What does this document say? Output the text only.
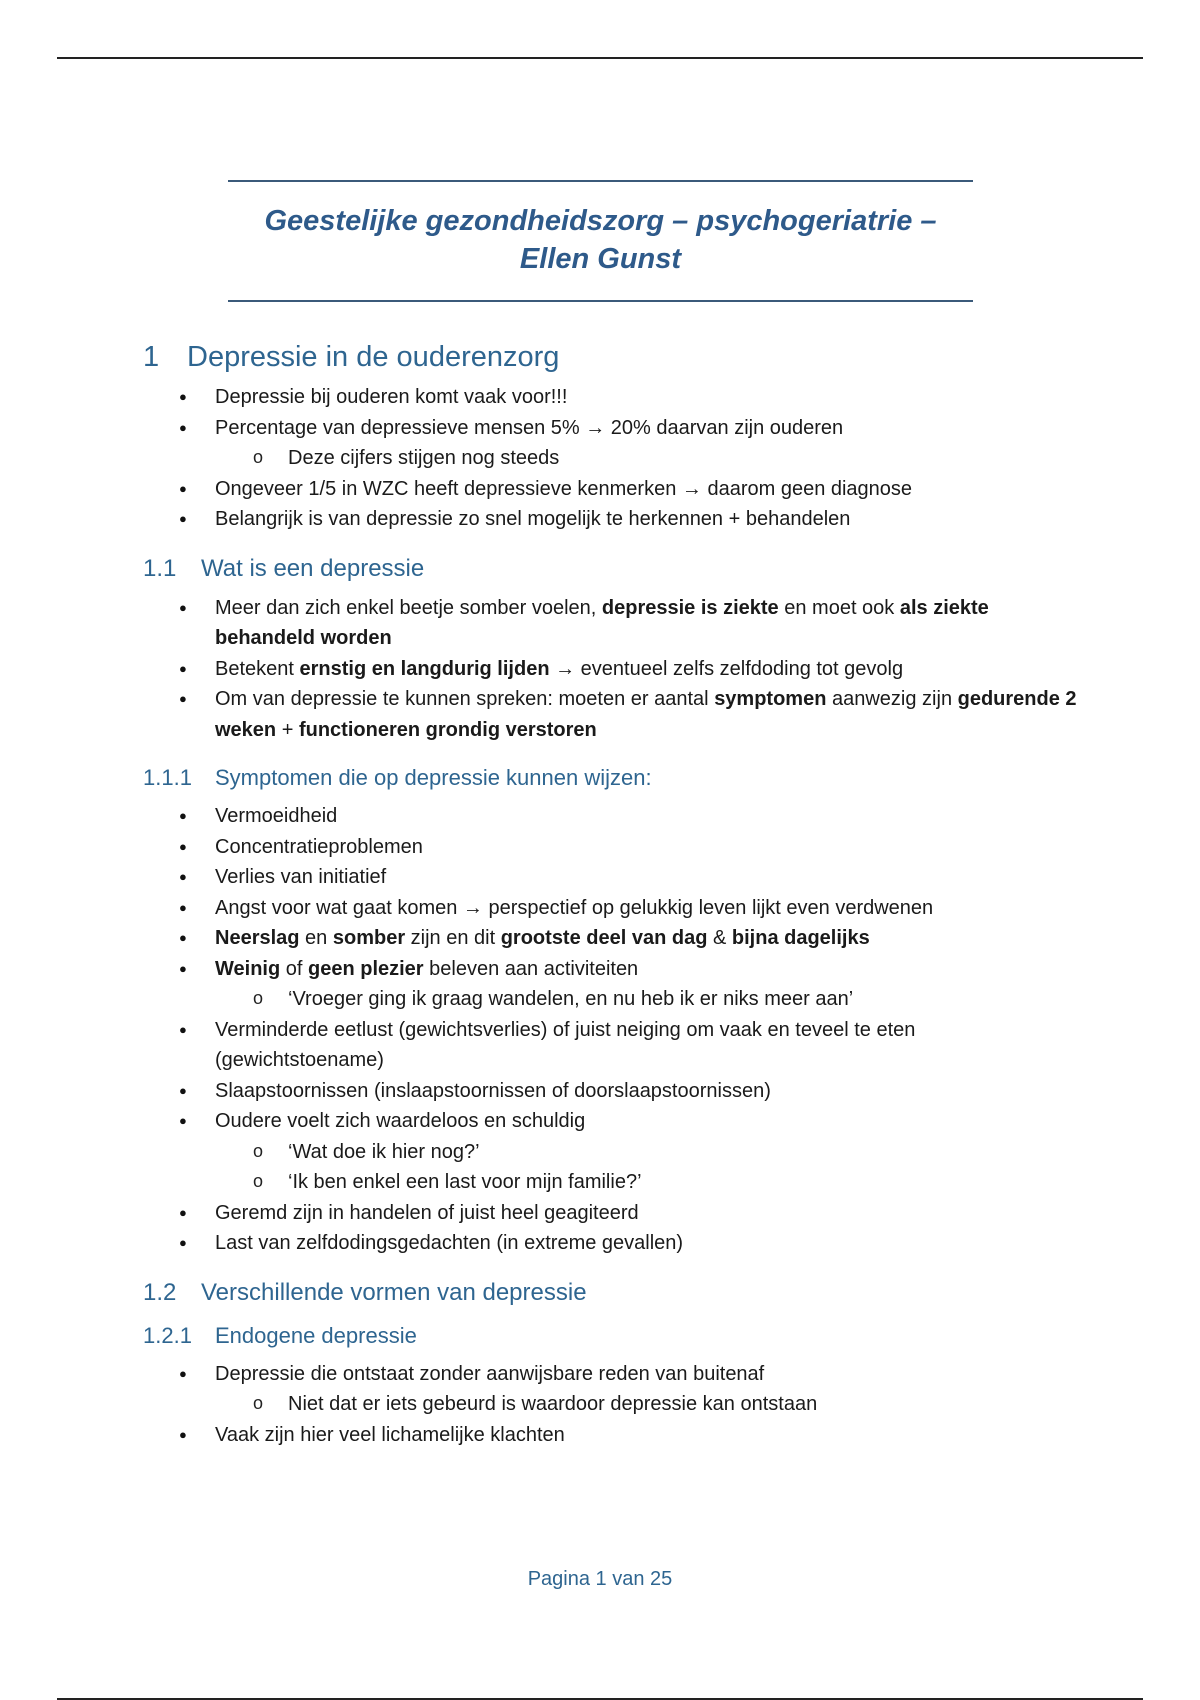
Geestelijke gezondheidszorg – psychogeriatrie – Ellen Gunst
1 Depressie in de ouderenzorg
● Depressie bij ouderen komt vaak voor!!!
● Percentage van depressieve mensen 5% → 20% daarvan zijn ouderen
o Deze cijfers stijgen nog steeds
● Ongeveer 1/5 in WZC heeft depressieve kenmerken → daarom geen diagnose
● Belangrijk is van depressie zo snel mogelijk te herkennen + behandelen
1.1 Wat is een depressie
● Meer dan zich enkel beetje somber voelen, depressie is ziekte en moet ook als ziekte behandeld worden
● Betekent ernstig en langdurig lijden → eventueel zelfs zelfdoding tot gevolg
● Om van depressie te kunnen spreken: moeten er aantal symptomen aanwezig zijn gedurende 2 weken + functioneren grondig verstoren
1.1.1 Symptomen die op depressie kunnen wijzen:
● Vermoeidheid
● Concentratieproblemen
● Verlies van initiatief
● Angst voor wat gaat komen → perspectief op gelukkig leven lijkt even verdwenen
● Neerslag en somber zijn en dit grootste deel van dag & bijna dagelijks
● Weinig of geen plezier beleven aan activiteiten
o ‘Vroeger ging ik graag wandelen, en nu heb ik er niks meer aan’
● Verminderde eetlust (gewichtsverlies) of juist neiging om vaak en teveel te eten (gewichtstoename)
● Slaapstoornissen (inslaapstoornissen of doorslaapstoornissen)
● Oudere voelt zich waardeloos en schuldig
o ‘Wat doe ik hier nog?’
o ‘Ik ben enkel een last voor mijn familie?’
● Geremd zijn in handelen of juist heel geagiteerd
● Last van zelfdodingsgedachten (in extreme gevallen)
1.2 Verschillende vormen van depressie
1.2.1 Endogene depressie
● Depressie die ontstaat zonder aanwijsbare reden van buitenaf
o Niet dat er iets gebeurd is waardoor depressie kan ontstaan
● Vaak zijn hier veel lichamelijke klachten
Pagina 1 van 25
